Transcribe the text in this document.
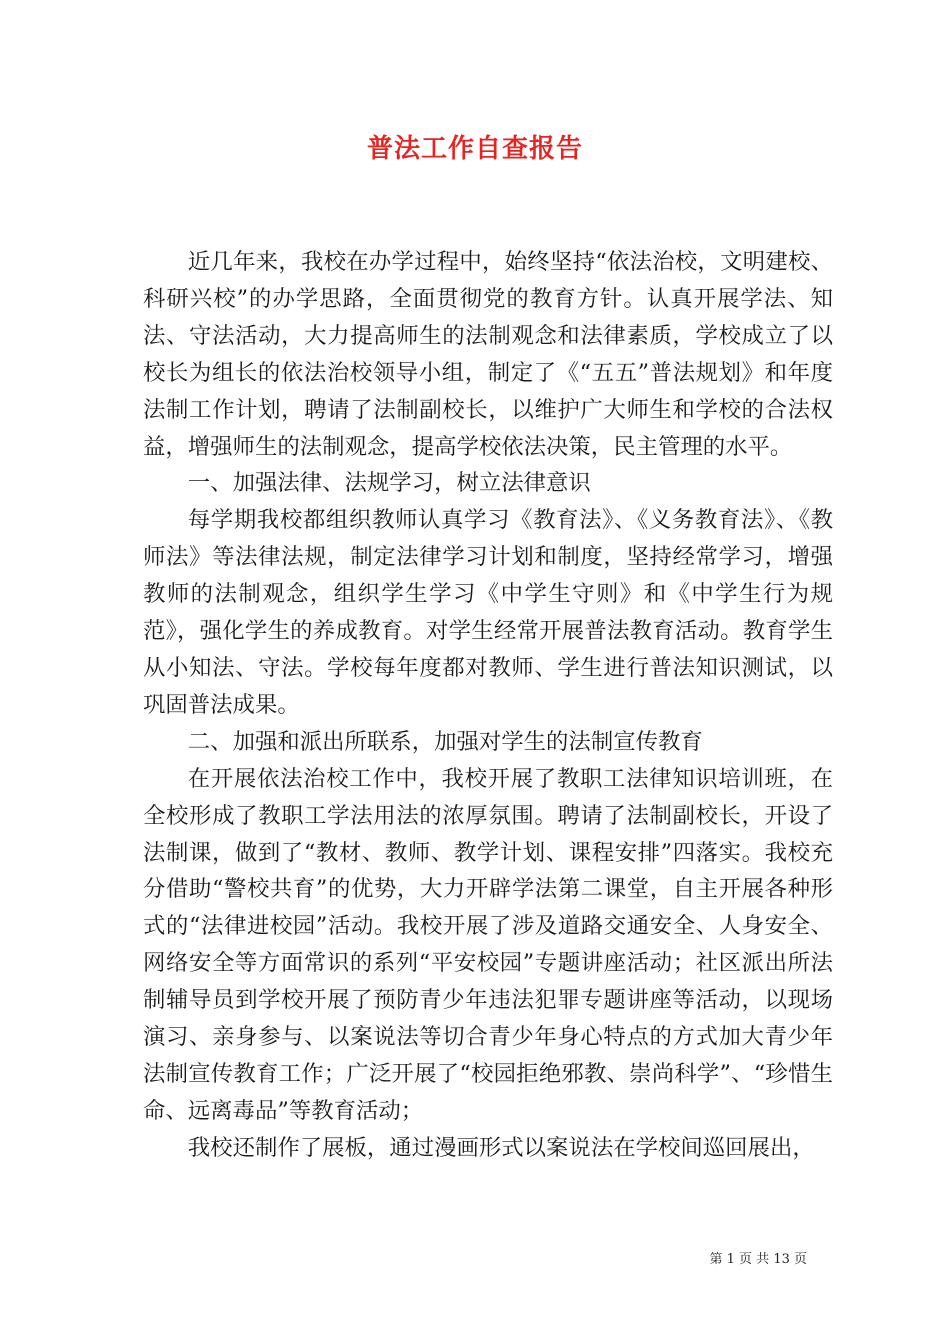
普法工作自查报告

近几年来，我校在办学过程中，始终坚持“依法治校，文明建校、科研兴校”的办学思路，全面贯彻党的教育方针。认真开展学法、知法、守法活动，大力提高师生的法制观念和法律素质，学校成立了以校长为组长的依法治校领导小组，制定了《“五五”普法规划》和年度法制工作计划，聘请了法制副校长，以维护广大师生和学校的合法权益，增强师生的法制观念，提高学校依法决策，民主管理的水平。

一、加强法律、法规学习，树立法律意识

每学期我校都组织教师认真学习《教育法》、《义务教育法》、《教师法》等法律法规，制定法律学习计划和制度，坚持经常学习，增强教师的法制观念，组织学生学习《中学生守则》和《中学生行为规范》，强化学生的养成教育。对学生经常开展普法教育活动。教育学生从小知法、守法。学校每年度都对教师、学生进行普法知识测试，以巩固普法成果。

二、加强和派出所联系，加强对学生的法制宣传教育

在开展依法治校工作中，我校开展了教职工法律知识培训班，在全校形成了教职工学法用法的浓厚氛围。聘请了法制副校长，开设了法制课，做到了“教材、教师、教学计划、课程安排”四落实。我校充分借助“警校共育”的优势，大力开辟学法第二课堂，自主开展各种形式的“法律进校园”活动。我校开展了涉及道路交通安全、人身安全、网络安全等方面常识的系列“平安校园”专题讲座活动；社区派出所法制辅导员到学校开展了预防青少年违法犯罪专题讲座等活动，以现场演习、亲身参与、以案说法等切合青少年身心特点的方式加大青少年法制宣传教育工作；广泛开展了“校园拒绝邪教、崇尚科学”、“珍惜生命、远离毒品”等教育活动；

我校还制作了展板，通过漫画形式以案说法在学校间巡回展出，

第 1 页 共 13 页
